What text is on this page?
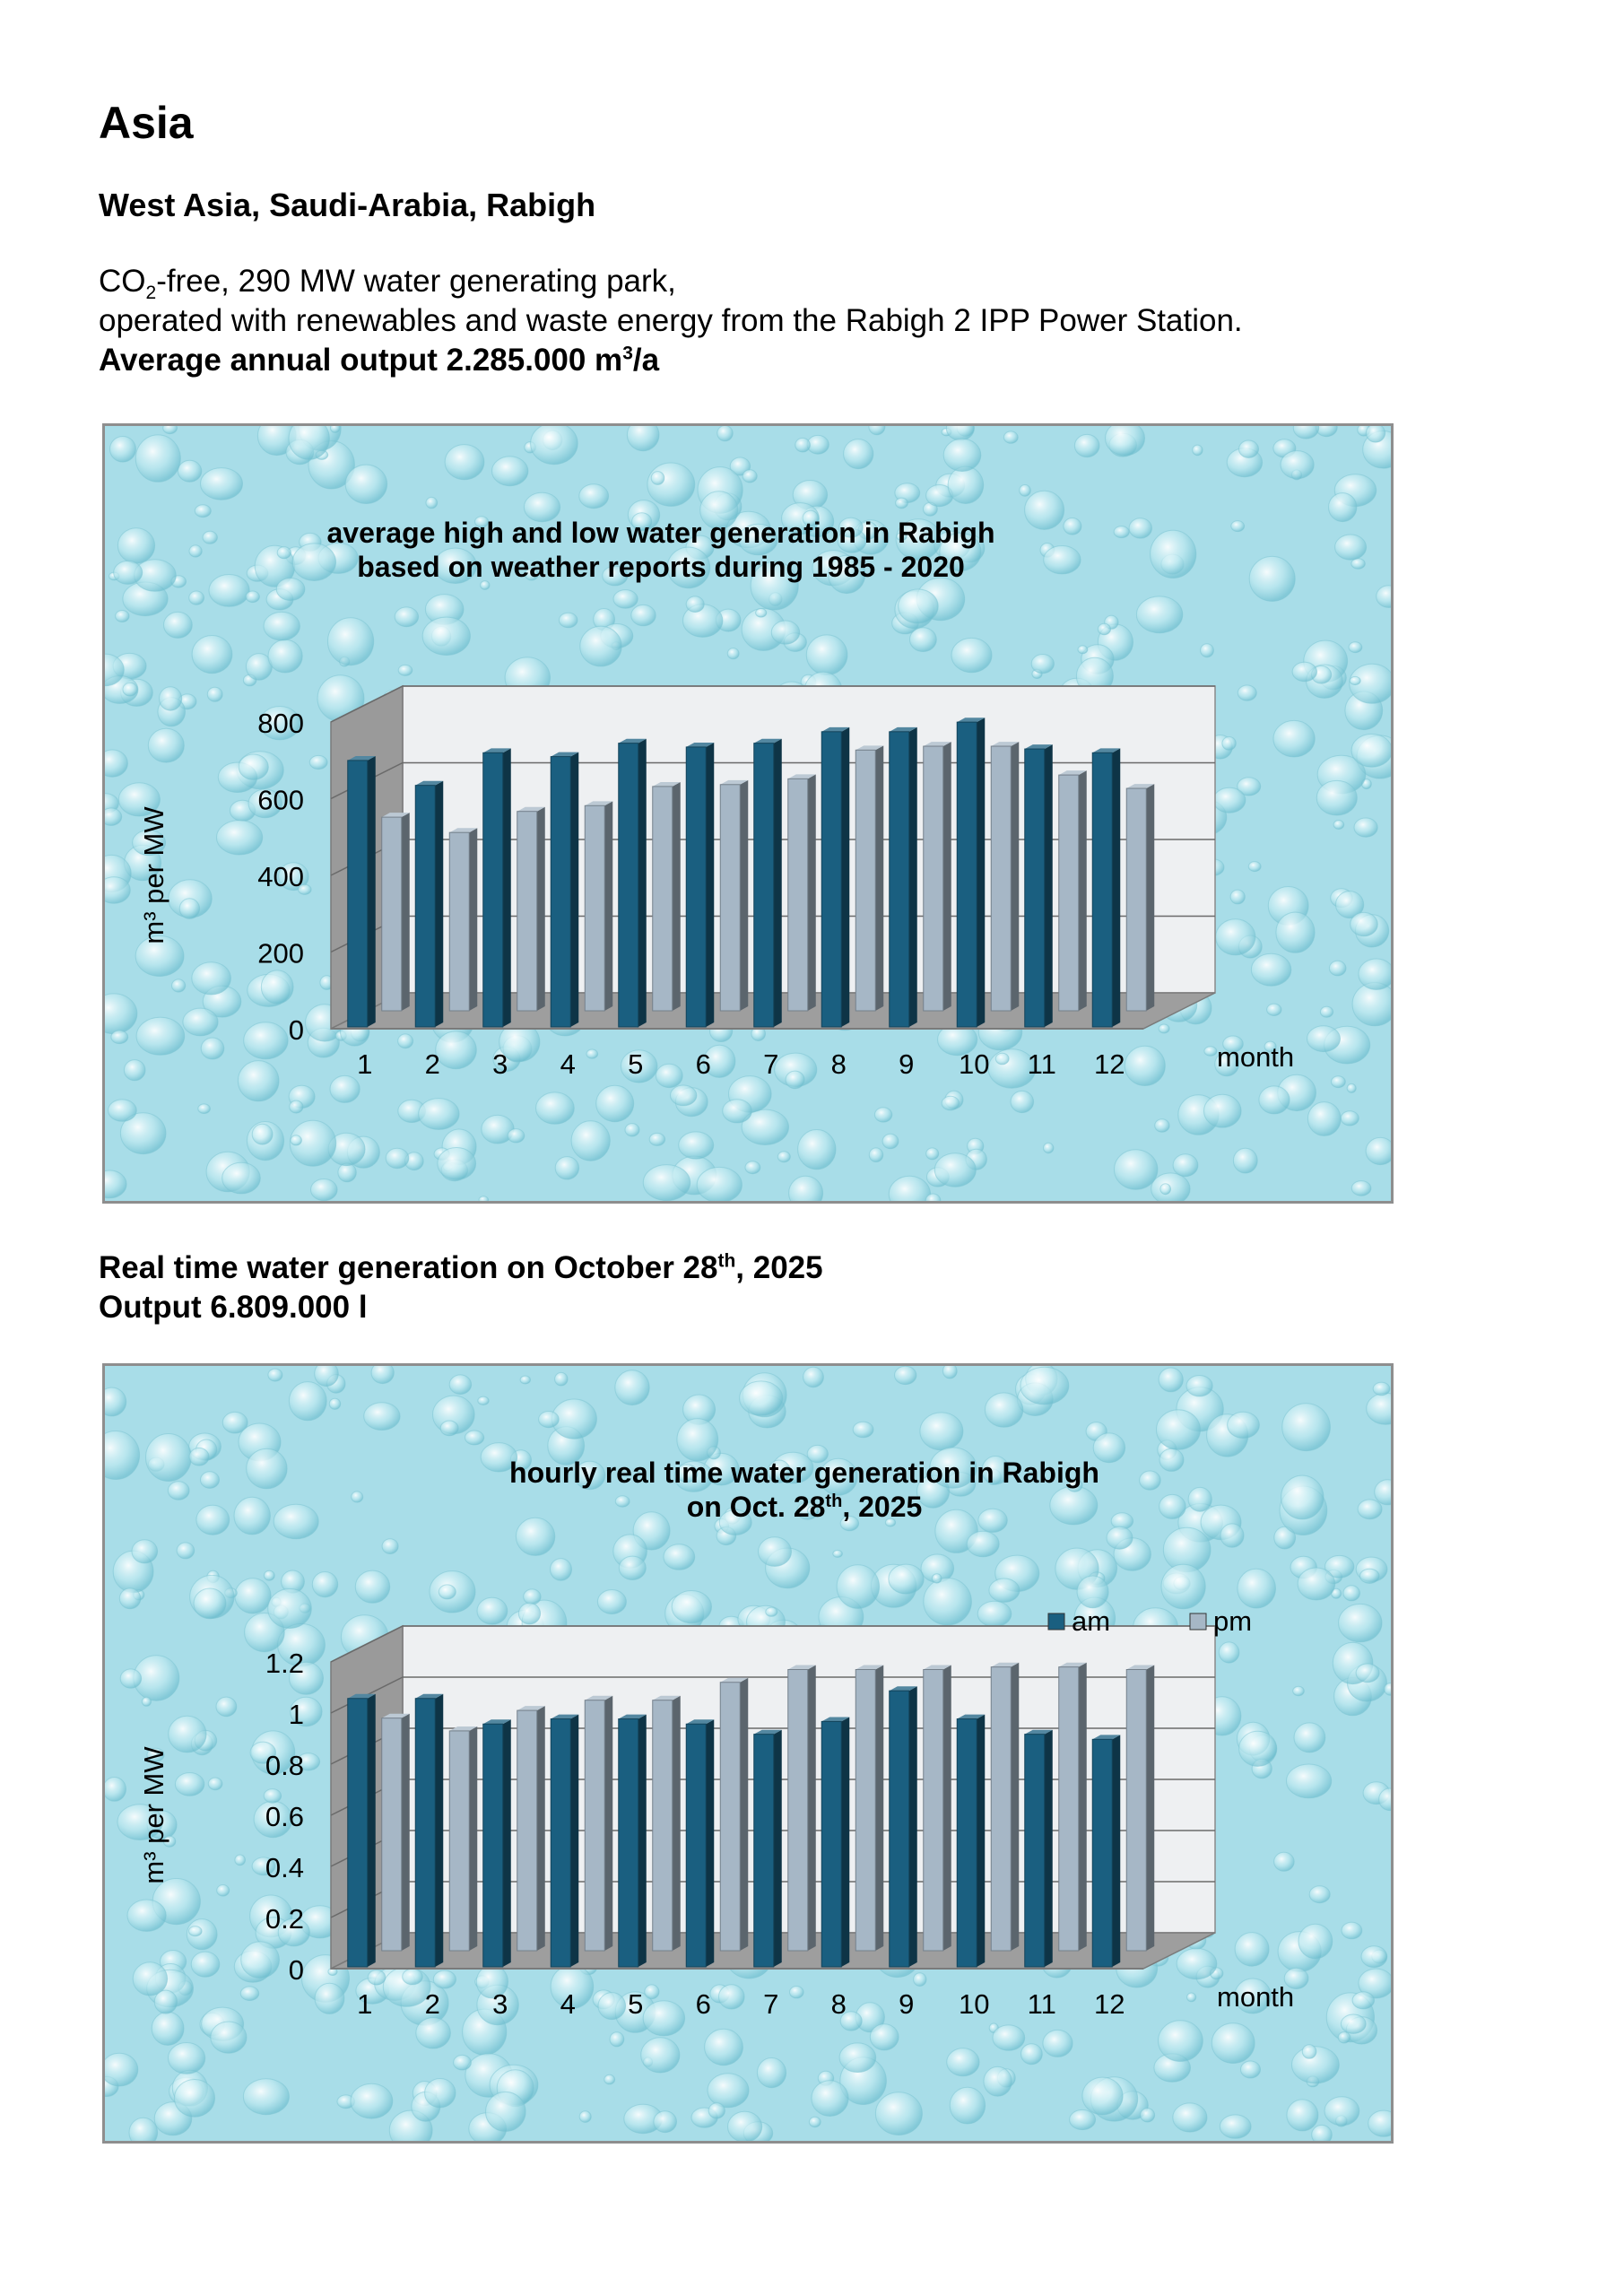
Asia
West Asia, Saudi-Arabia, Rabigh
$CO_2$-free, 290 MW water generating park,
operated with renewables and waste energy from the Rabigh 2 IPP Power Station.
Average annual output 2.285.000 $m^3/a$
0
200
400
600
800
1 2 3 4 5 6 7 8 9 10 11 12	month
m³ per MW
average high and low water generation in Rabigh
based on weather reports during 1985 - 2020
Real time water generation on October 28th, 2025
Output 6.809.000 l
0
0.2
0.4
0.6
0.8
1
1.2
1 2 3 4 5 6 7 8 9 10 11 12	month
m³ per MW
hourly real time water generation in Rabigh
on Oct. 28th, 2025
am	pm
